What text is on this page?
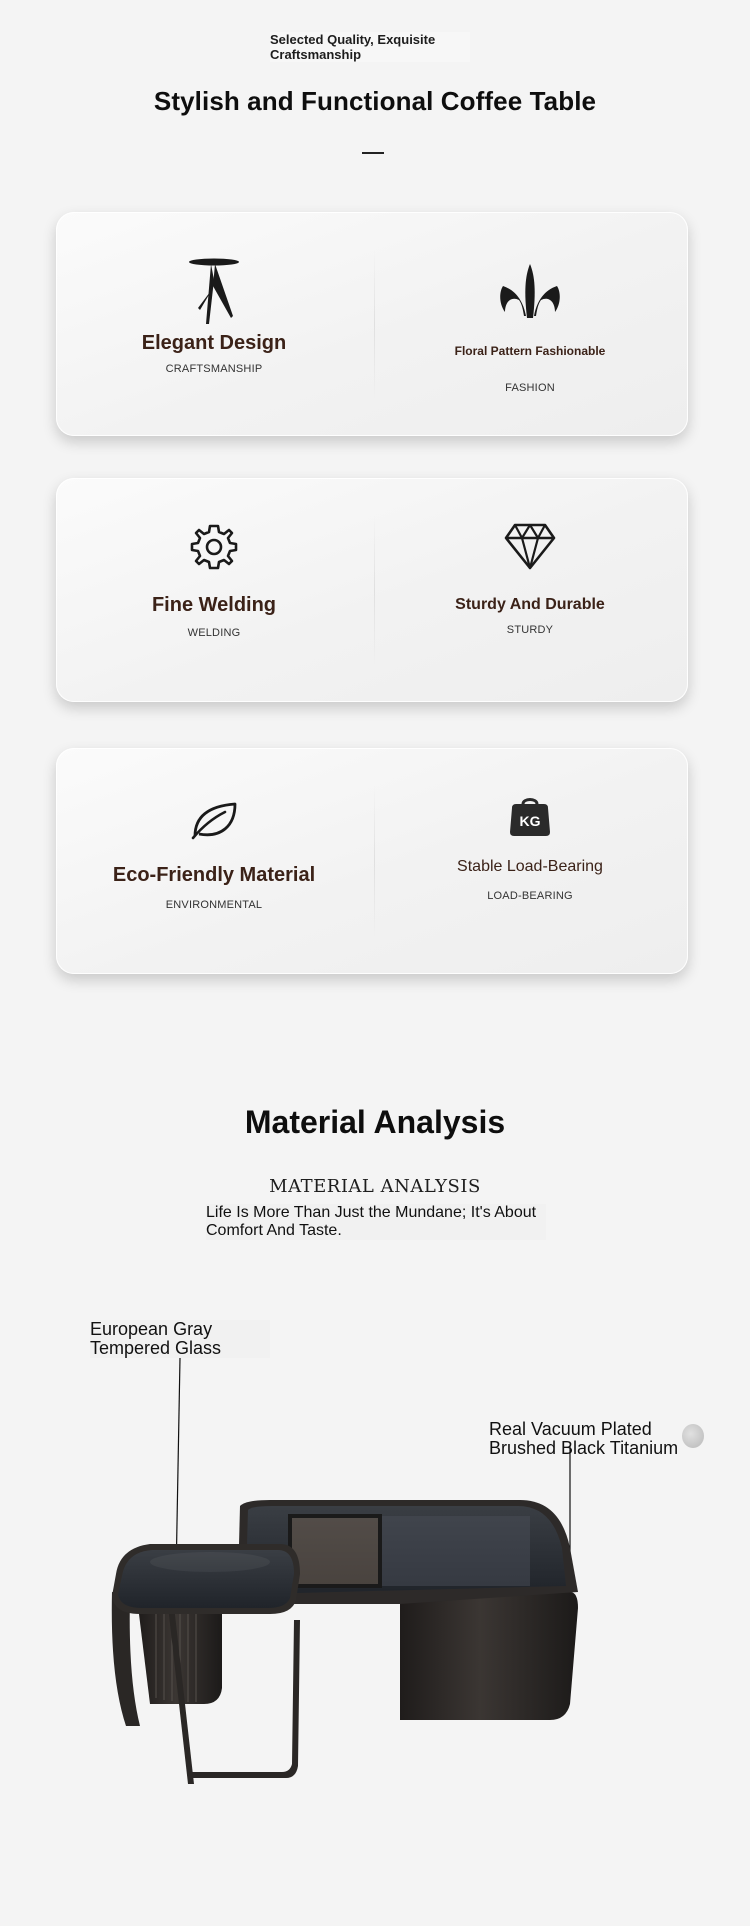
Selected Quality, Exquisite Craftsmanship
Stylish and Functional Coffee Table
Elegant Design
CRAFTSMANSHIP
Floral Pattern Fashionable
FASHION
Fine Welding
WELDING
Sturdy And Durable
STURDY
Eco-Friendly Material
ENVIRONMENTAL
KG
Stable Load-Bearing
LOAD-BEARING
Material Analysis
MATERIAL ANALYSIS
Life Is More Than Just the Mundane; It's About Comfort And Taste.
European Gray Tempered Glass
Real Vacuum Plated Brushed Black Titanium
